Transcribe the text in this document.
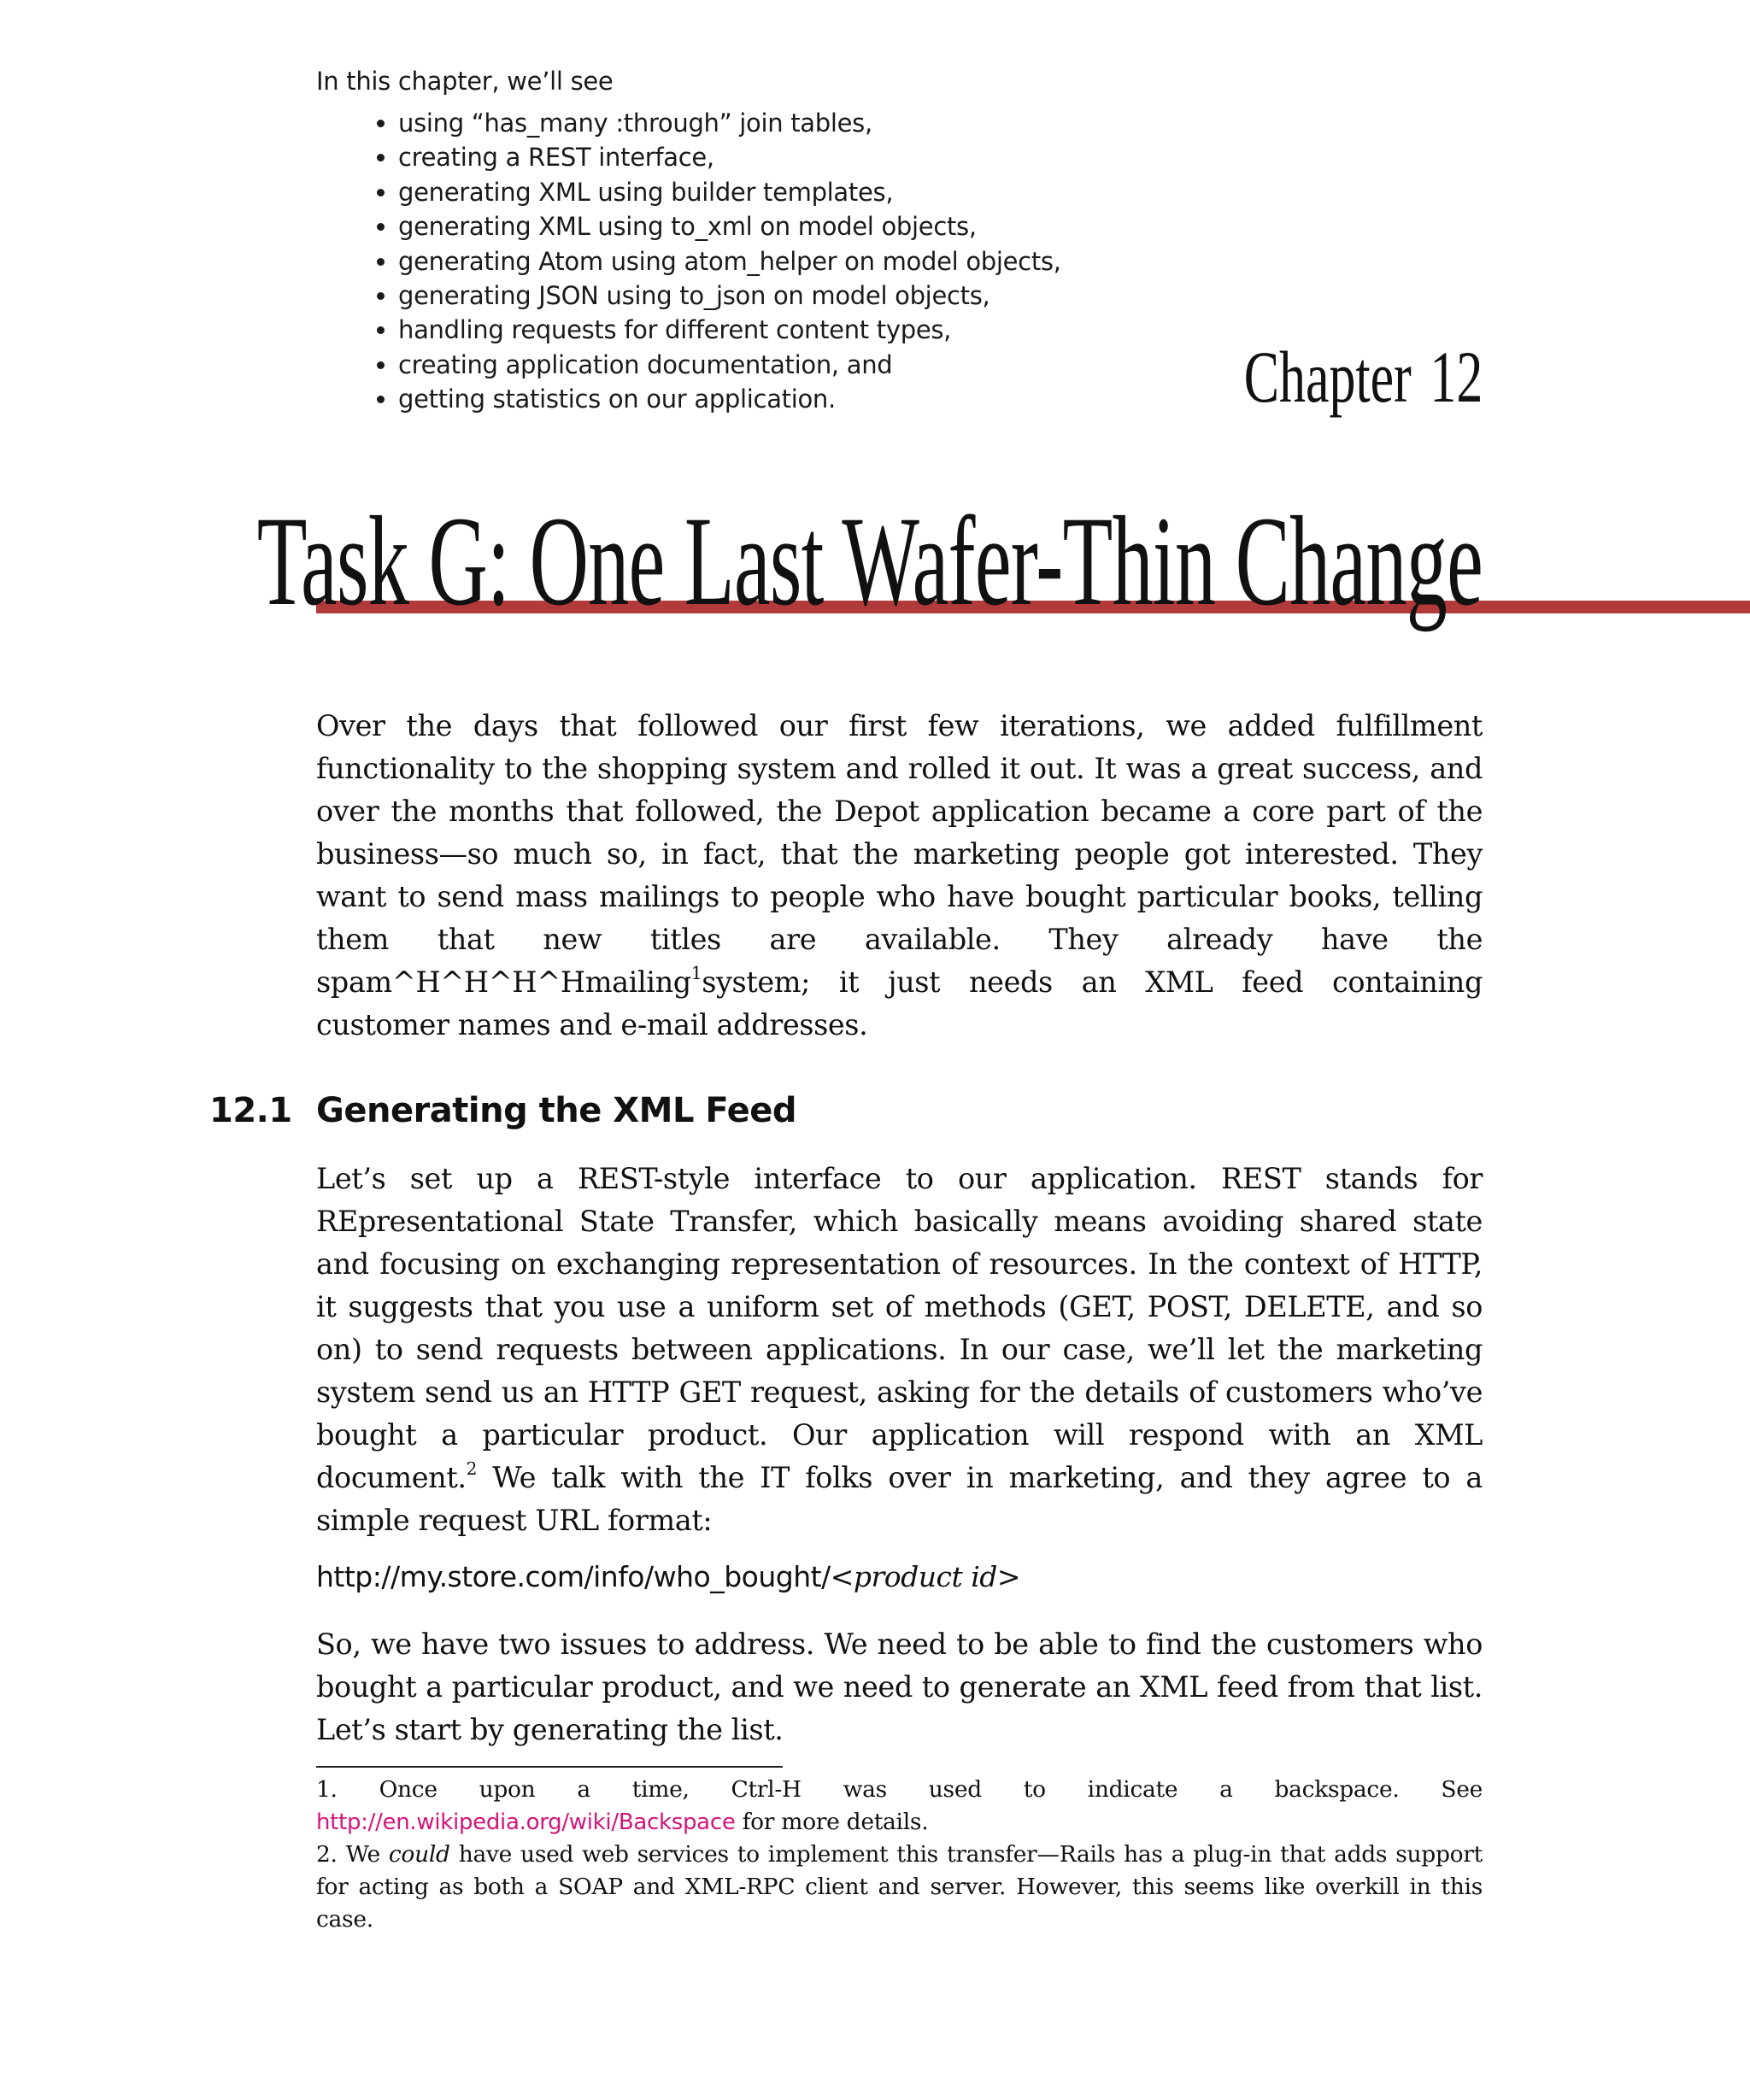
In this chapter, we’ll see

• using “has_many :through” join tables,
• creating a REST interface,
• generating XML using builder templates,
• generating XML using to_xml on model objects,
• generating Atom using atom_helper on model objects,
• generating JSON using to_json on model objects,
• handling requests for different content types,
• creating application documentation, and
• getting statistics on our application.	Chapter 12
Task G: One Last Wafer-Thin Change

Over the days that followed our first few iterations, we added fulfillment functionality to the shopping system and rolled it out. It was a great success, and over the months that followed, the Depot application became a core part of the business—so much so, in fact, that the marketing people got interested. They want to send mass mailings to people who have bought particular books, telling them that new titles are available. They already have the spam^H^H^H^Hmailing$^1$system; it just needs an XML feed containing customer names and e-mail addresses.

12.1 Generating the XML Feed

Let’s set up a REST-style interface to our application. REST stands for REpresentational State Transfer, which basically means avoiding shared state and focusing on exchanging representation of resources. In the context of HTTP, it suggests that you use a uniform set of methods (GET, POST, DELETE, and so on) to send requests between applications. In our case, we’ll let the marketing system send us an HTTP GET request, asking for the details of customers who’ve bought a particular product. Our application will respond with an XML document.$^2$ We talk with the IT folks over in marketing, and they agree to a simple request URL format:

http://my.store.com/info/who_bought/<product id>

So, we have two issues to address. We need to be able to find the customers who bought a particular product, and we need to generate an XML feed from that list. Let’s start by generating the list.

1. Once upon a time, Ctrl-H was used to indicate a backspace. See http://en.wikipedia.org/wiki/Backspace for more details.

2. We could have used web services to implement this transfer—Rails has a plug-in that adds support for acting as both a SOAP and XML-RPC client and server. However, this seems like overkill in this case.
